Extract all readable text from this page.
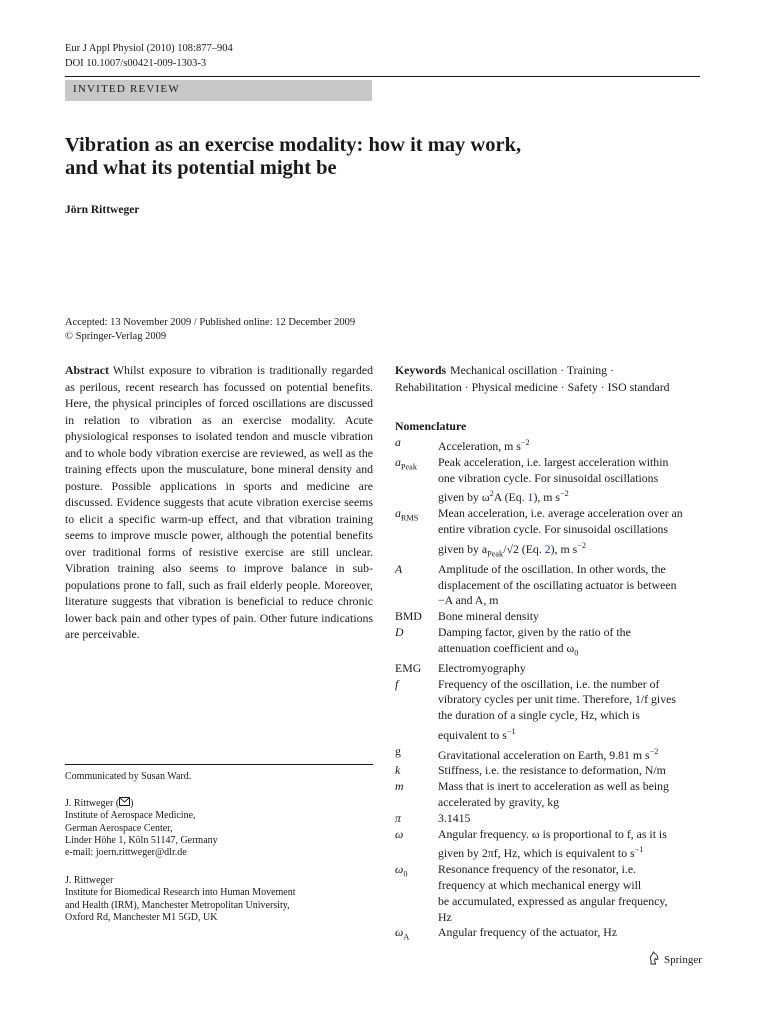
Eur J Appl Physiol (2010) 108:877–904
DOI 10.1007/s00421-009-1303-3
INVITED REVIEW
Vibration as an exercise modality: how it may work,
and what its potential might be
Jörn Rittweger
Accepted: 13 November 2009 / Published online: 12 December 2009
© Springer-Verlag 2009
Abstract Whilst exposure to vibration is traditionally regarded as perilous, recent research has focussed on potential benefits. Here, the physical principles of forced oscillations are discussed in relation to vibration as an exercise modality. Acute physiological responses to isolated tendon and muscle vibration and to whole body vibration exercise are reviewed, as well as the training effects upon the musculature, bone mineral density and posture. Possible applications in sports and medicine are discussed. Evidence suggests that acute vibration exercise seems to elicit a specific warm-up effect, and that vibration training seems to improve muscle power, although the potential benefits over traditional forms of resistive exercise are still unclear. Vibration training also seems to improve balance in sub-populations prone to fall, such as frail elderly people. Moreover, literature suggests that vibration is beneficial to reduce chronic lower back pain and other types of pain. Other future indications are perceivable.
Communicated by Susan Ward.
J. Rittweger ( )
Institute of Aerospace Medicine,
German Aerospace Center,
Linder Höhe 1, Köln 51147, Germany
e-mail: joern.rittweger@dlr.de
J. Rittweger
Institute for Biomedical Research into Human Movement
and Health (IRM), Manchester Metropolitan University,
Oxford Rd, Manchester M1 5GD, UK
Keywords Mechanical oscillation · Training ·
Rehabilitation · Physical medicine · Safety · ISO standard
Nomenclature
a	Acceleration, m $s^{-2}$
$a_{Peak}$	Peak acceleration, i.e. largest acceleration within
one vibration cycle. For sinusoidal oscillations
given by $\omega^2A$ (Eq. 1), m $s^{-2}$
$a_{RMS}$	Mean acceleration, i.e. average acceleration over an
entire vibration cycle. For sinusoidal oscillations
given by $a_{Peak}/√2$ (Eq. 2), m $s^{-2}$
A	Amplitude of the oscillation. In other words, the
displacement of the oscillating actuator is between
−A and A, m
BMD	Bone mineral density
D	Damping factor, given by the ratio of the
attenuation coefficient and $\omega_0$
EMG	Electromyography
f	Frequency of the oscillation, i.e. the number of
vibratory cycles per unit time. Therefore, 1/f gives
the duration of a single cycle, Hz, which is
equivalent to $s^{-1}$
g	Gravitational acceleration on Earth, 9.81 m $s^{-2}$
k	Stiffness, i.e. the resistance to deformation, N/m
m	Mass that is inert to acceleration as well as being
accelerated by gravity, kg
π	3.1415
ω	Angular frequency. ω is proportional to f, as it is
given by 2πf, Hz, which is equivalent to $s^{-1}$
$\omega_0$	Resonance frequency of the resonator, i.e.
frequency at which mechanical energy will
be accumulated, expressed as angular frequency,
Hz
$\omega_A$	Angular frequency of the actuator, Hz
Springer
